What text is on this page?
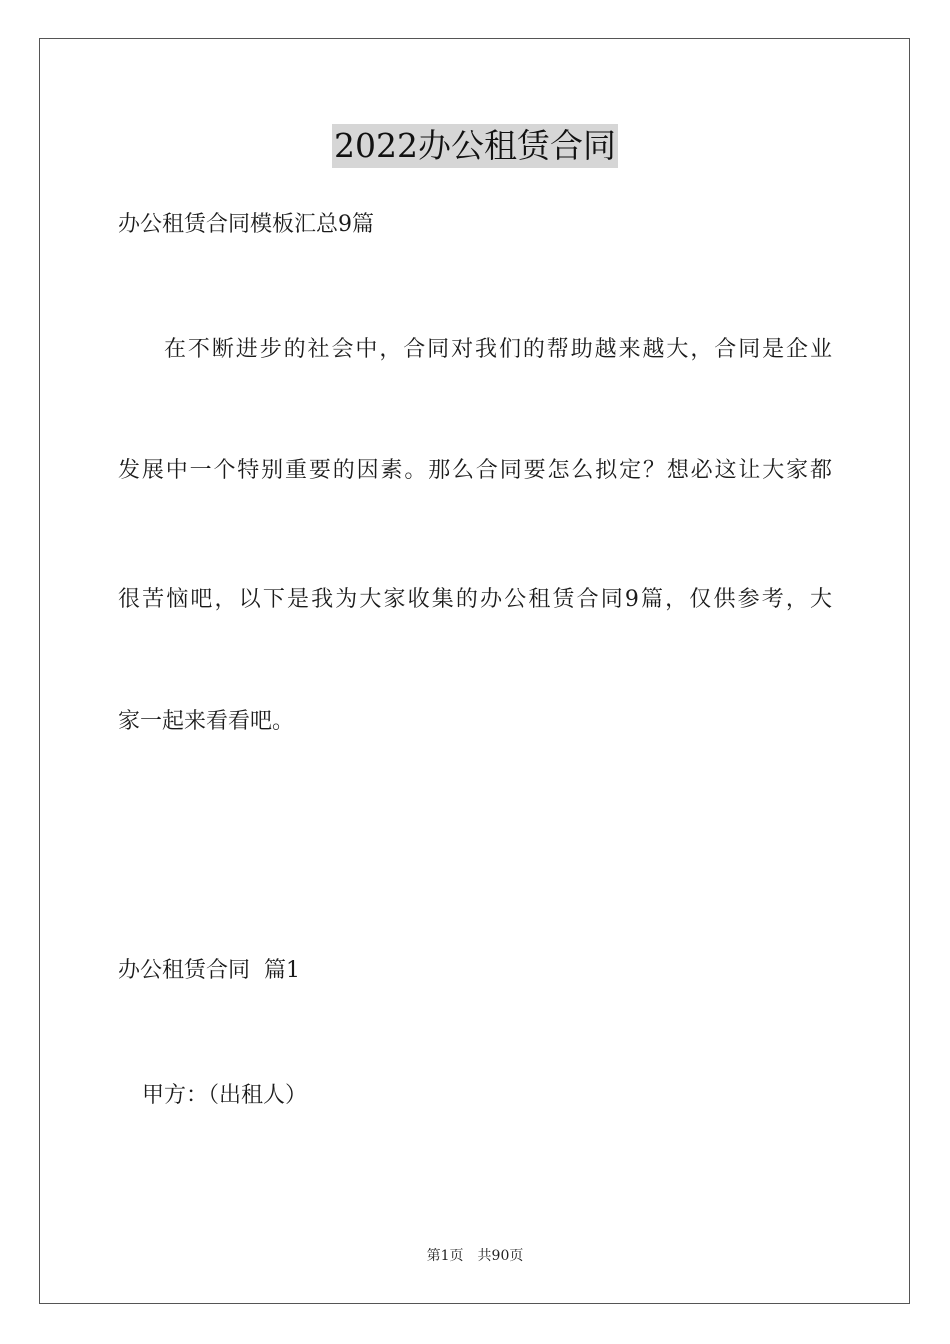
2022办公租赁合同
办公租赁合同模板汇总9篇
在不断进步的社会中，合同对我们的帮助越来越大，合同是企业
发展中一个特别重要的因素。那么合同要怎么拟定？想必这让大家都
很苦恼吧，以下是我为大家收集的办公租赁合同9篇，仅供参考，大
家一起来看看吧。
办公租赁合同  篇1
甲方：（出租人）
第1页 共90页
